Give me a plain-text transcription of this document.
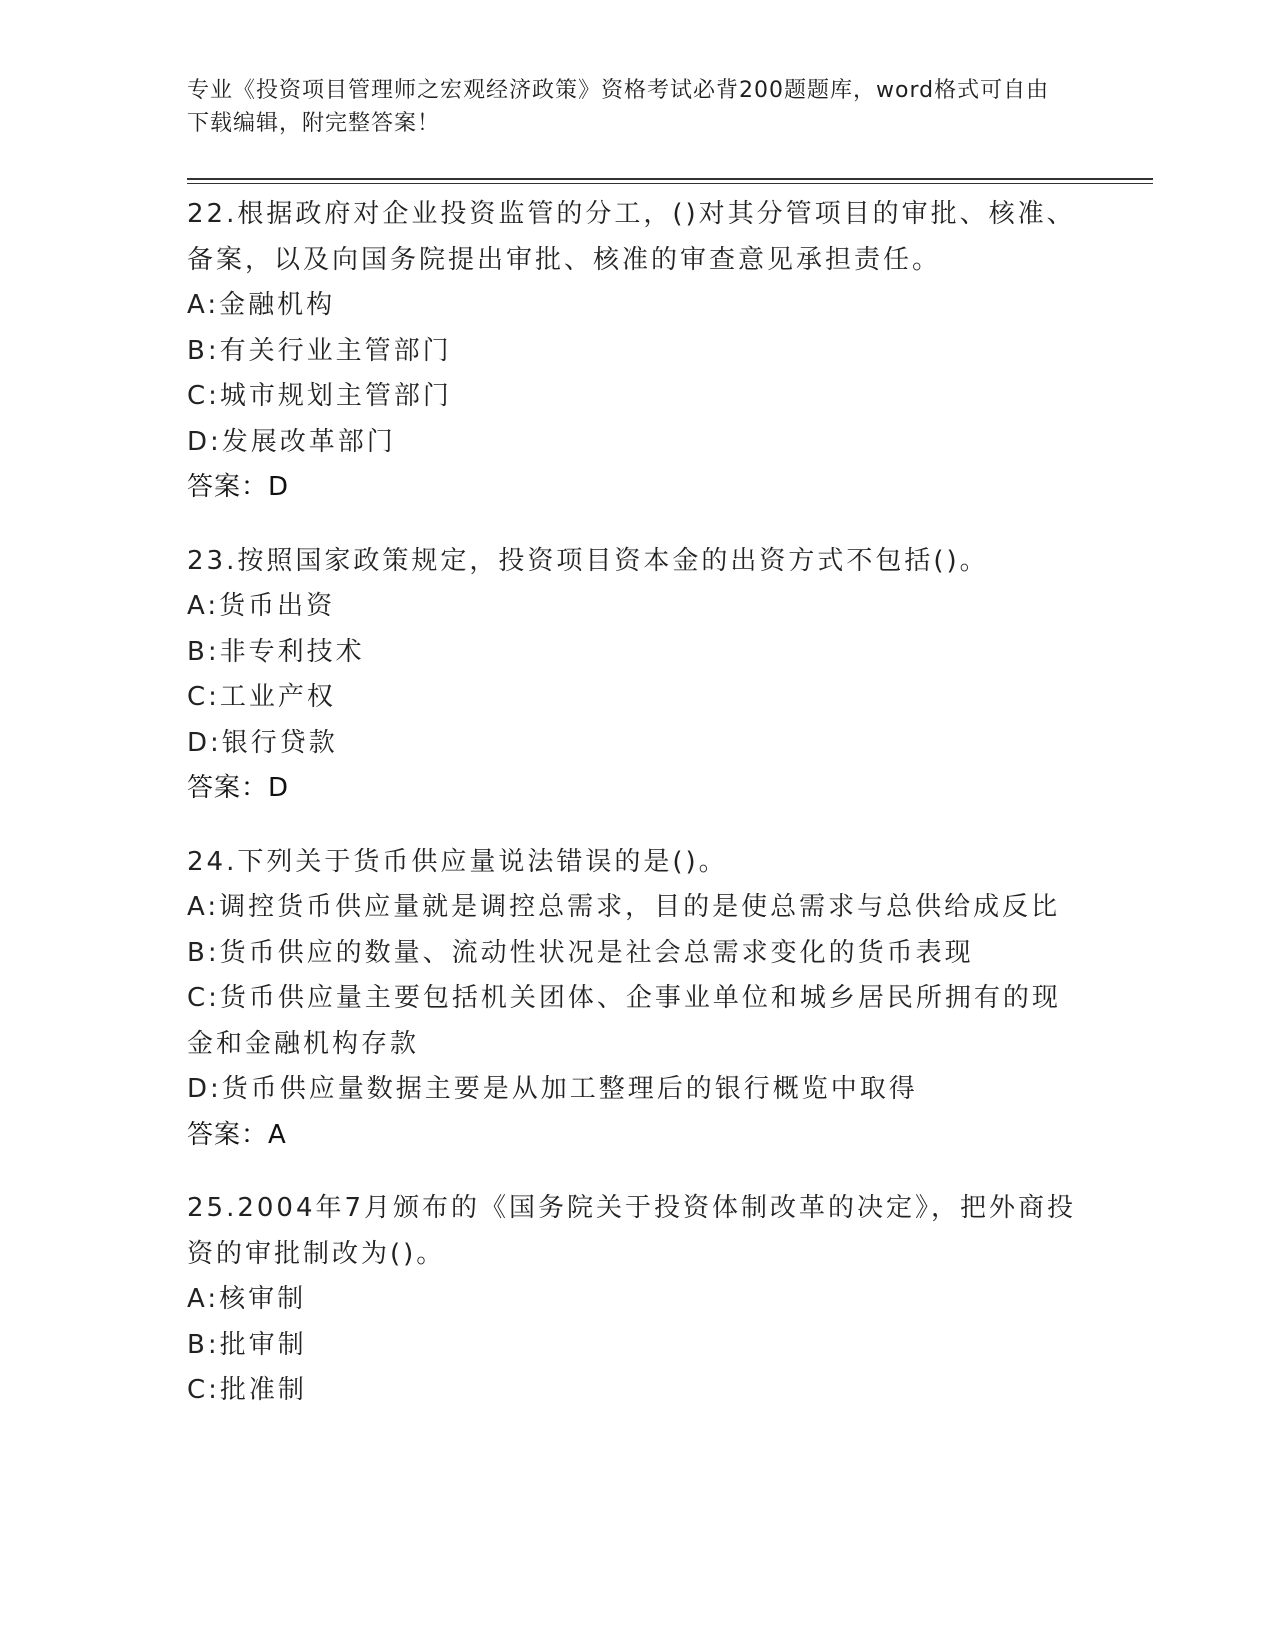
专业《投资项目管理师之宏观经济政策》资格考试必背200题题库，word格式可自由下载编辑，附完整答案！
22.根据政府对企业投资监管的分工，()对其分管项目的审批、核准、备案，以及向国务院提出审批、核准的审查意见承担责任。
A:金融机构
B:有关行业主管部门
C:城市规划主管部门
D:发展改革部门
答案：D
23.按照国家政策规定，投资项目资本金的出资方式不包括()。
A:货币出资
B:非专利技术
C:工业产权
D:银行贷款
答案：D
24.下列关于货币供应量说法错误的是()。
A:调控货币供应量就是调控总需求，目的是使总需求与总供给成反比
B:货币供应的数量、流动性状况是社会总需求变化的货币表现
C:货币供应量主要包括机关团体、企事业单位和城乡居民所拥有的现金和金融机构存款
D:货币供应量数据主要是从加工整理后的银行概览中取得
答案：A
25.2004年7月颁布的《国务院关于投资体制改革的决定》，把外商投资的审批制改为()。
A:核审制
B:批审制
C:批准制
